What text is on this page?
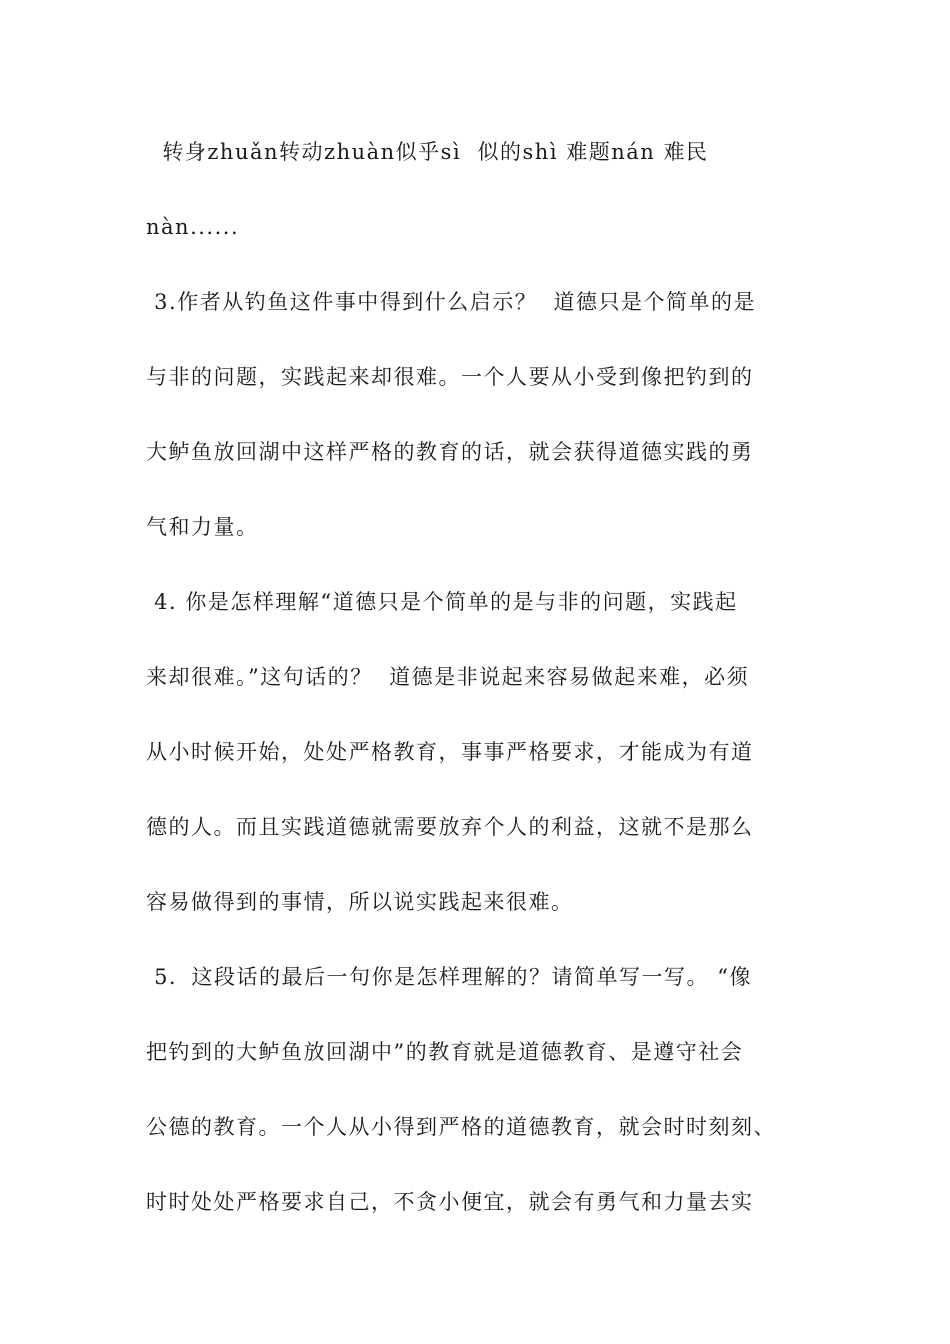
转身zhuǎn转动zhuàn似乎sì  似的shì 难题nán 难民
nàn......
3.作者从钓鱼这件事中得到什么启示？  道德只是个简单的是
与非的问题，实践起来却很难。一个人要从小受到像把钓到的
大鲈鱼放回湖中这样严格的教育的话，就会获得道德实践的勇
气和力量。
4. 你是怎样理解“道德只是个简单的是与非的问题，实践起
来却很难。”这句话的？  道德是非说起来容易做起来难，必须
从小时候开始，处处严格教育，事事严格要求，才能成为有道
德的人。而且实践道德就需要放弃个人的利益，这就不是那么
容易做得到的事情，所以说实践起来很难。
5．这段话的最后一句你是怎样理解的？请简单写一写。 “像
把钓到的大鲈鱼放回湖中”的教育就是道德教育、是遵守社会
公德的教育。一个人从小得到严格的道德教育，就会时时刻刻、
时时处处严格要求自己，不贪小便宜，就会有勇气和力量去实
